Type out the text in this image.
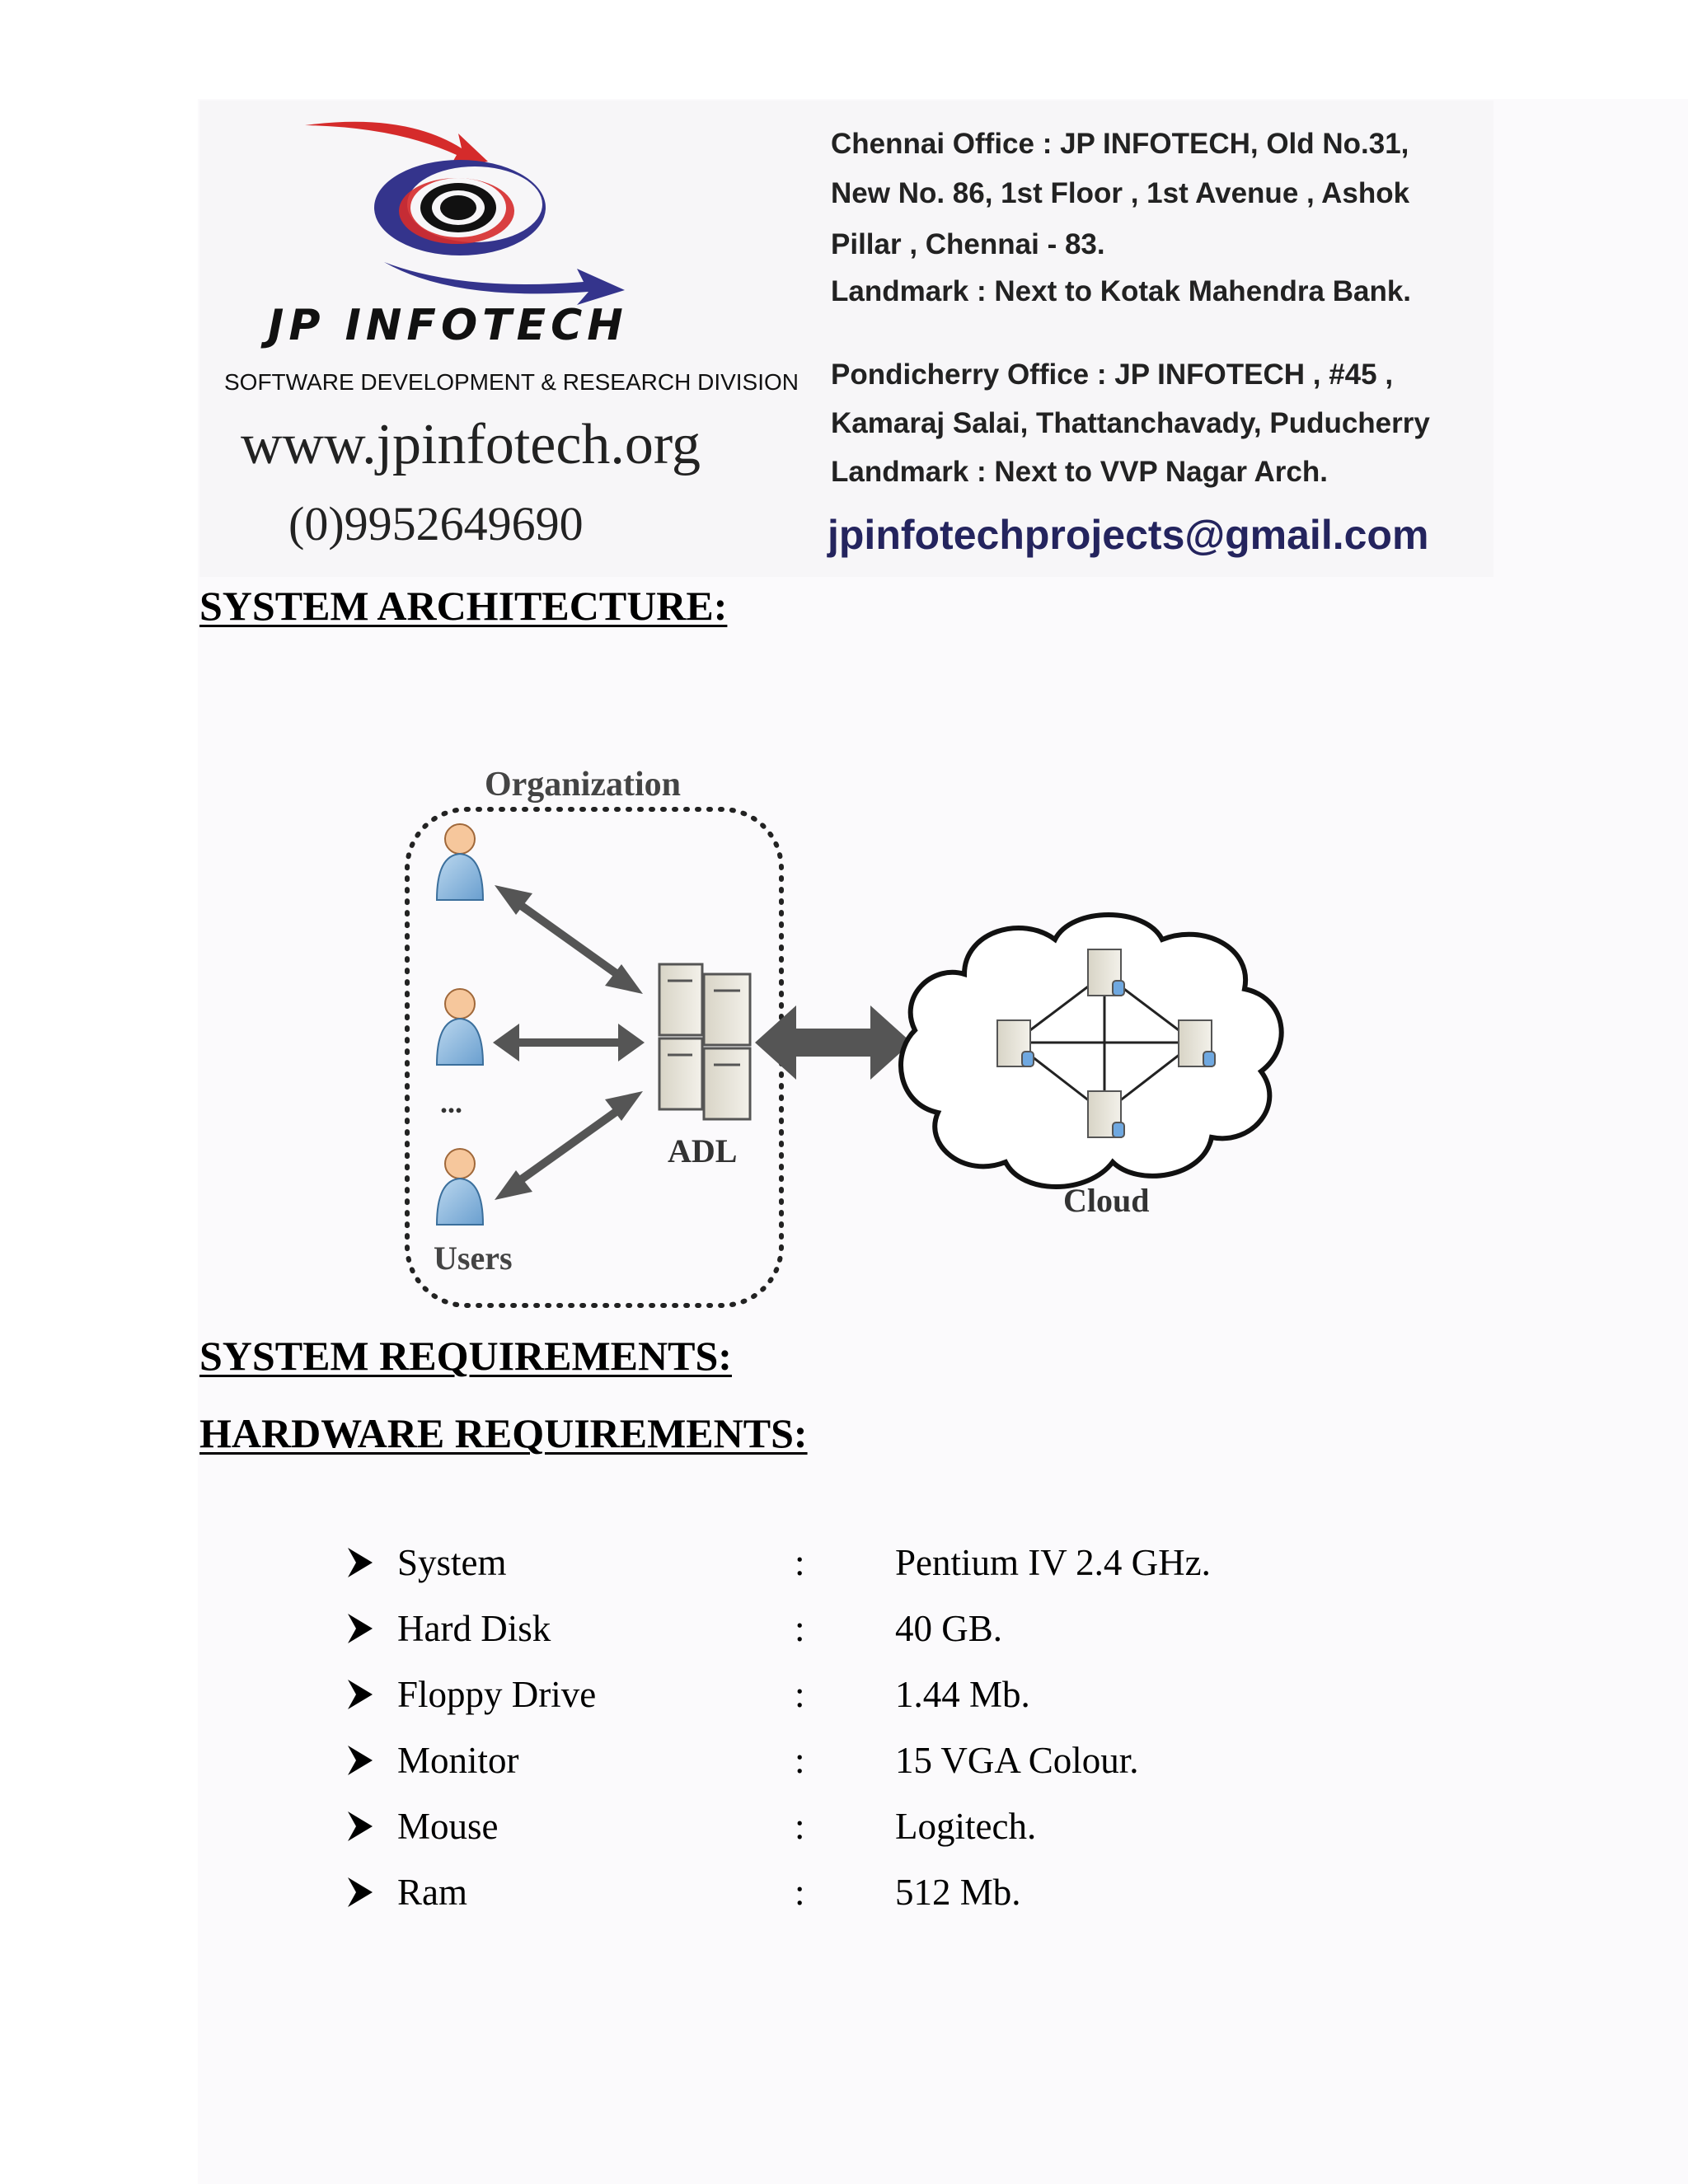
JP INFOTECH
SOFTWARE DEVELOPMENT & RESEARCH DIVISION
www.jpinfotech.org
(0)9952649690
Chennai Office : JP INFOTECH, Old No.31,
New No. 86, 1st Floor , 1st Avenue , Ashok
Pillar , Chennai - 83.
Landmark : Next to Kotak Mahendra Bank.
Pondicherry Office : JP INFOTECH , #45 ,
Kamaraj Salai, Thattanchavady, Puducherry
Landmark : Next to VVP Nagar Arch.
jpinfotechprojects@gmail.com
SYSTEM ARCHITECTURE:
Organization
...
Users
ADL
Cloud
SYSTEM REQUIREMENTS:
HARDWARE REQUIREMENTS:
System	: Pentium IV 2.4 GHz.
Hard Disk	: 40 GB.
Floppy Drive	: 1.44 Mb.
Monitor	: 15 VGA Colour.
Mouse	: Logitech.
Ram	: 512 Mb.
